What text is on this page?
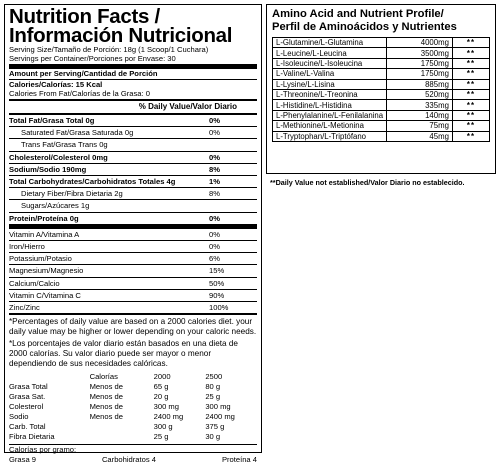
Nutrition Facts /
Información Nutricional
Serving Size/Tamaño de Porción: 18g (1 Scoop/1 Cuchara)
Servings per Container/Porciones por Envase: 30
Amount per Serving/Cantidad de Porción
Calories/Calorías: 15 Kcal
Calories From Fat/Calorías de la Grasa: 0
% Daily Value/Valor Diario
Total Fat/Grasa Total 0g	0%
Saturated Fat/Grasa Saturada 0g	0%
Trans Fat/Grasa Trans 0g
Cholesterol/Colesterol 0mg	0%
Sodium/Sodio 190mg	8%
Total Carbohydrates/Carbohidratos Totales 4g	1%
Dietary Fiber/Fibra Dietaria 2g	8%
Sugars/Azúcares 1g
Protein/Proteína 0g	0%
Vitamin A/Vitamina A	0%
Iron/Hierro	0%
Potassium/Potasio	6%
Magnesium/Magnesio	15%
Calcium/Calcio	50%
Vitamin C/Vitamina C	90%
Zinc/Zinc	100%
*Percentages of daily value are based on a 2000 calories diet. your daily value may be higher or lower depending on your caloric needs.
*Los porcentajes de valor diario están basados en una dieta de 2000 calorías. Su valor diario puede ser mayor o menor dependiendo de sus necesidades calóricas.
	Calorías	2000	2500
Grasa Total	Menos de	65 g	80 g
Grasa Sat.	Menos de	20 g	25 g
Colesterol	Menos de	300 mg	300 mg
Sodio	Menos de	2400 mg	2400 mg
Carb. Total		300 g	375 g
Fibra Dietaria		25 g	30 g
Calorías por gramo:
Grasa 9	Carbohidratos 4	Proteína 4
Amino Acid and Nutrient Profile/
Perfil de Aminoácidos y Nutrientes
L-Glutamine/L-Glutamina	4000mg	**
L-Leucine/L-Leucina	3500mg	**
L-Isoleucine/L-Isoleucina	1750mg	**
L-Valine/L-Valina	1750mg	**
L-Lysine/L-Lisina	885mg	**
L-Threonine/L-Treonina	520mg	**
L-Histidine/L-Histidina	335mg	**
L-Phenylalanine/L-Fenilalanina	140mg	**
L-Methionine/L-Metionina	75mg	**
L-Tryptophan/L-Triptófano	45mg	**
**Daily Value not established/Valor Diario no establecido.
